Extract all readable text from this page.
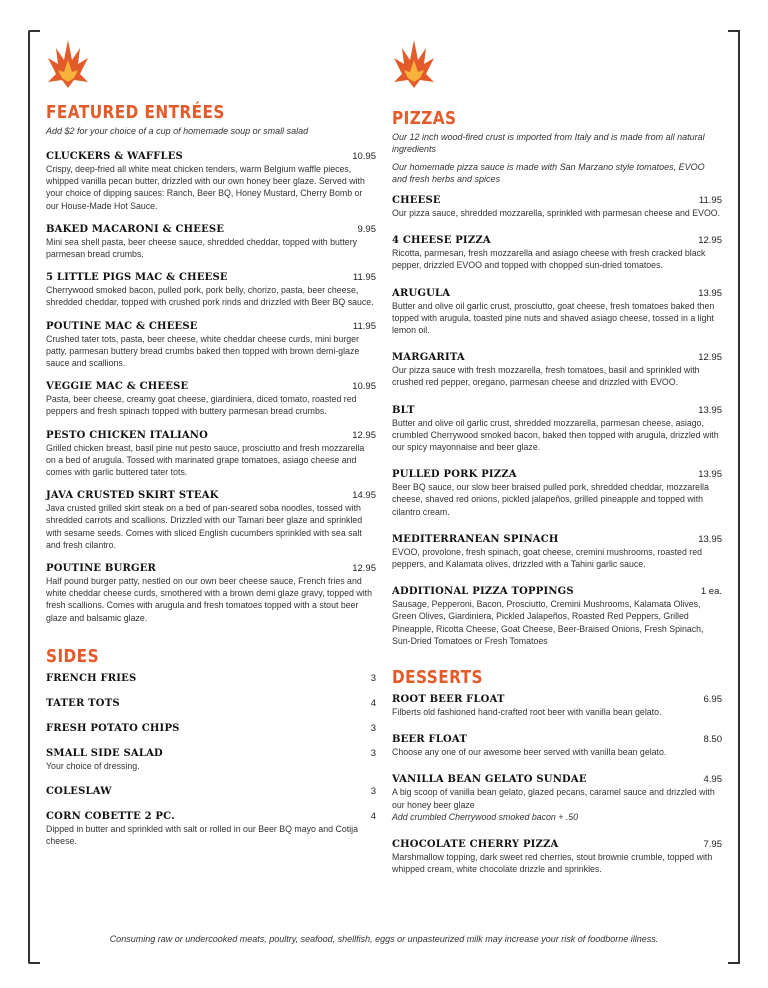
FEATURED ENTRÉES
Add $2 for your choice of a cup of homemade soup or small salad
CLUCKERS & WAFFLES	10.95
Crispy, deep-fried all white meat chicken tenders, warm Belgium waffle pieces, whipped vanilla pecan butter, drizzled with our own honey beer glaze. Served with your choice of dipping sauces: Ranch, Beer BQ, Honey Mustard, Cherry Bomb or our House-Made Hot Sauce.
BAKED MACARONI & CHEESE	9.95
Mini sea shell pasta, beer cheese sauce, shredded cheddar, topped with buttery parmesan bread crumbs.
5 LITTLE PIGS MAC & CHEESE	11.95
Cherrywood smoked bacon, pulled pork, pork belly, chorizo, pasta, beer cheese, shredded cheddar, topped with crushed pork rinds and drizzled with Beer BQ sauce.
POUTINE MAC & CHEESE	11.95
Crushed tater tots, pasta, beer cheese, white cheddar cheese curds, mini burger patty, parmesan buttery bread crumbs baked then topped with brown demi-glaze sauce and scallions.
VEGGIE MAC & CHEESE	10.95
Pasta, beer cheese, creamy goat cheese, giardiniera, diced tomato, roasted red peppers and fresh spinach topped with buttery parmesan bread crumbs.
PESTO CHICKEN ITALIANO	12.95
Grilled chicken breast, basil pine nut pesto sauce, prosciutto and fresh mozzarella on a bed of arugula. Tossed with marinated grape tomatoes, asiago cheese and comes with garlic buttered tater tots.
JAVA CRUSTED SKIRT STEAK	14.95
Java crusted grilled skirt steak on a bed of pan-seared soba noodles, tossed with shredded carrots and scallions. Drizzled with our Tamari beer glaze and sprinkled with sesame seeds. Comes with sliced English cucumbers sprinkled with sea salt and fresh cilantro.
POUTINE BURGER	12.95
Half pound burger patty, nestled on our own beer cheese sauce, French fries and white cheddar cheese curds, smothered with a brown demi glaze gravy, topped with fresh scallions. Comes with arugula and fresh tomatoes topped with a stout beer glaze and balsamic glaze.
SIDES
FRENCH FRIES	3
TATER TOTS	4
FRESH POTATO CHIPS	3
SMALL SIDE SALAD	3
Your choice of dressing.
COLESLAW	3
CORN COBETTE 2 PC.	4
Dipped in butter and sprinkled with salt or rolled in our Beer BQ mayo and Cotija cheese.
PIZZAS
Our 12 inch wood-fired crust is imported from Italy and is made from all natural ingredients
Our homemade pizza sauce is made with San Marzano style tomatoes, EVOO and fresh herbs and spices
CHEESE	11.95
Our pizza sauce, shredded mozzarella, sprinkled with parmesan cheese and EVOO.
4 CHEESE PIZZA	12.95
Ricotta, parmesan, fresh mozzarella and asiago cheese with fresh cracked black pepper, drizzled EVOO and topped with chopped sun-dried tomatoes.
ARUGULA	13.95
Butter and olive oil garlic crust, prosciutto, goat cheese, fresh tomatoes baked then topped with arugula, toasted pine nuts and shaved asiago cheese, tossed in a light lemon oil.
MARGARITA	12.95
Our pizza sauce with fresh mozzarella, fresh tomatoes, basil and sprinkled with crushed red pepper, oregano, parmesan cheese and drizzled with EVOO.
BLT	13.95
Butter and olive oil garlic crust, shredded mozzarella, parmesan cheese, asiago, crumbled Cherrywood smoked bacon, baked then topped with arugula, drizzled with our spicy mayonnaise and beer glaze.
PULLED PORK PIZZA	13.95
Beer BQ sauce, our slow beer braised pulled pork, shredded cheddar, mozzarella cheese, shaved red onions, pickled jalapeños, grilled pineapple and topped with cilantro cream.
MEDITERRANEAN SPINACH	13.95
EVOO, provolone, fresh spinach, goat cheese, cremini mushrooms, roasted red peppers, and Kalamata olives, drizzled with a Tahini garlic sauce.
ADDITIONAL PIZZA TOPPINGS	1 ea.
Sausage, Pepperoni, Bacon, Prosciutto, Cremini Mushrooms, Kalamata Olives, Green Olives, Giardiniera, Pickled Jalapeños, Roasted Red Peppers, Grilled Pineapple, Ricotta Cheese, Goat Cheese, Beer-Braised Onions, Fresh Spinach, Sun-Dried Tomatoes or Fresh Tomatoes
DESSERTS
ROOT BEER FLOAT	6.95
Filberts old fashioned hand-crafted root beer with vanilla bean gelato.
BEER FLOAT	8.50
Choose any one of our awesome beer served with vanilla bean gelato.
VANILLA BEAN GELATO SUNDAE	4.95
A big scoop of vanilla bean gelato, glazed pecans, caramel sauce and drizzled with our honey beer glaze
Add crumbled Cherrywood smoked bacon + .50
CHOCOLATE CHERRY PIZZA	7.95
Marshmallow topping, dark sweet red cherries, stout brownie crumble, topped with whipped cream, white chocolate drizzle and sprinkles.
Consuming raw or undercooked meats, poultry, seafood, shellfish, eggs or unpasteurized milk may increase your risk of foodborne illness.
